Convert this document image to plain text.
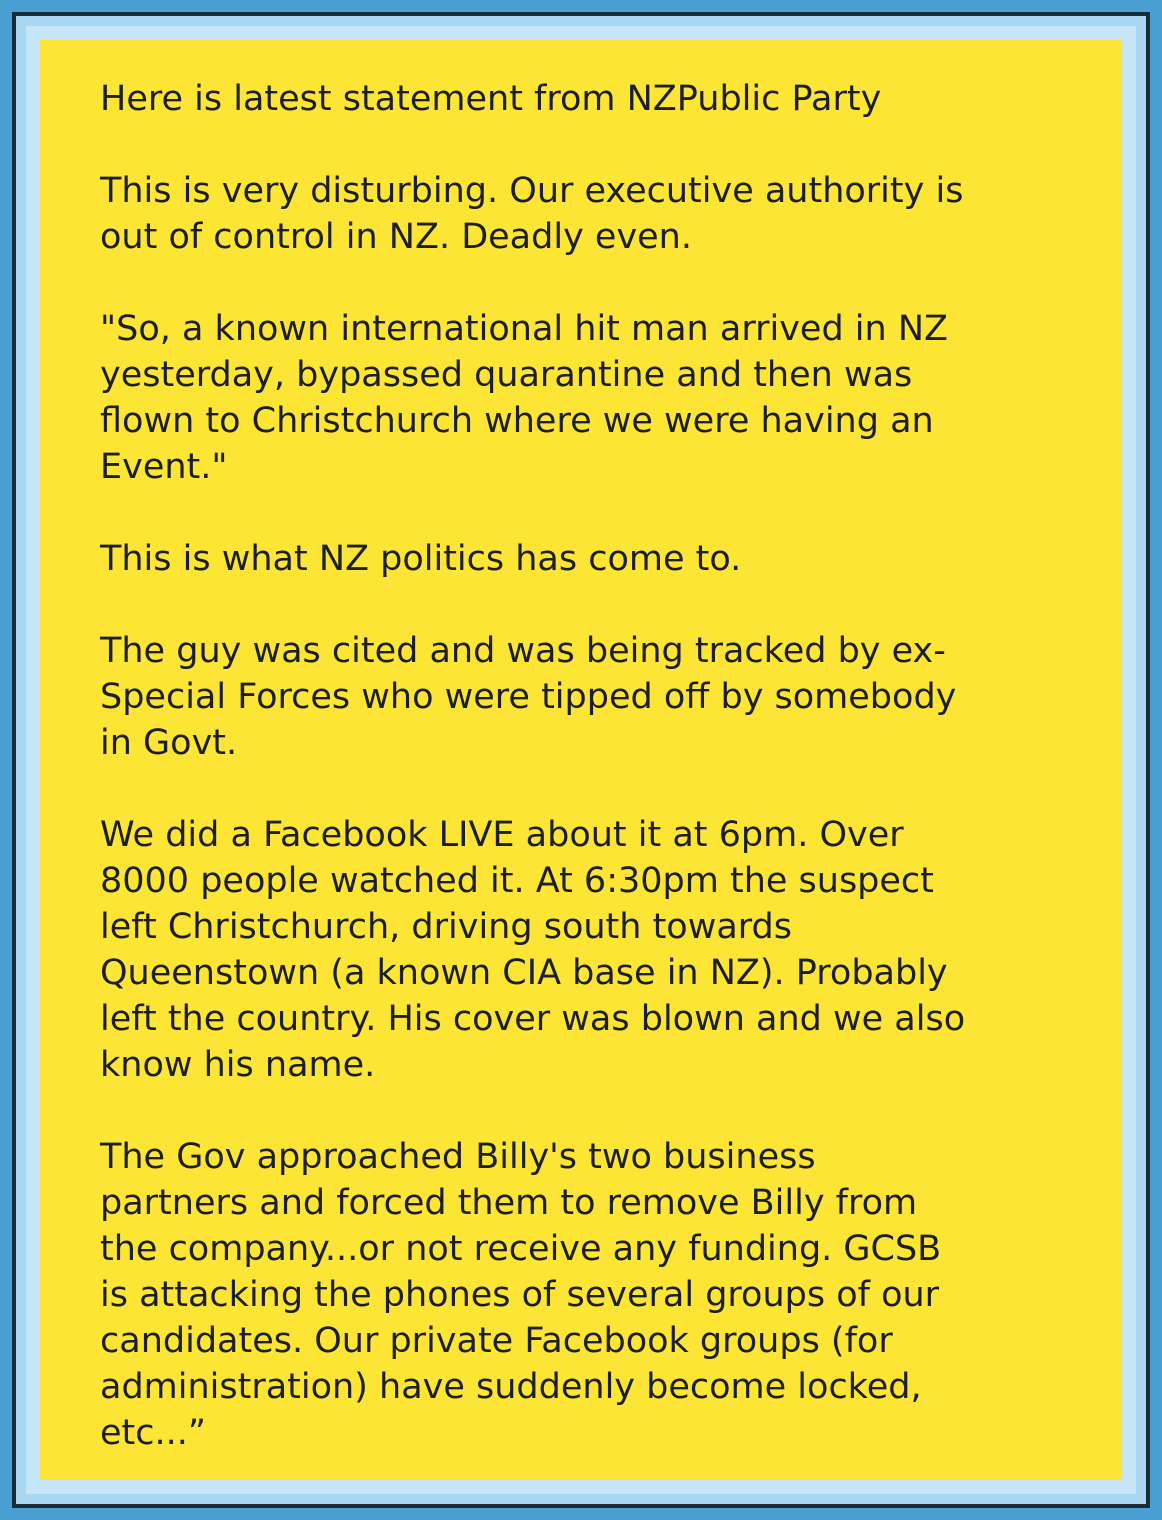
Here is latest statement from NZPublic Party

This is very disturbing. Our executive authority is
out of control in NZ. Deadly even.

"So, a known international hit man arrived in NZ
yesterday, bypassed quarantine and then was
flown to Christchurch where we were having an
Event."

This is what NZ politics has come to.

The guy was cited and was being tracked by ex-
Special Forces who were tipped off by somebody
in Govt.

We did a Facebook LIVE about it at 6pm. Over
8000 people watched it. At 6:30pm the suspect
left Christchurch, driving south towards
Queenstown (a known CIA base in NZ). Probably
left the country. His cover was blown and we also
know his name.

The Gov approached Billy's two business
partners and forced them to remove Billy from
the company...or not receive any funding. GCSB
is attacking the phones of several groups of our
candidates. Our private Facebook groups (for
administration) have suddenly become locked,
etc...”
